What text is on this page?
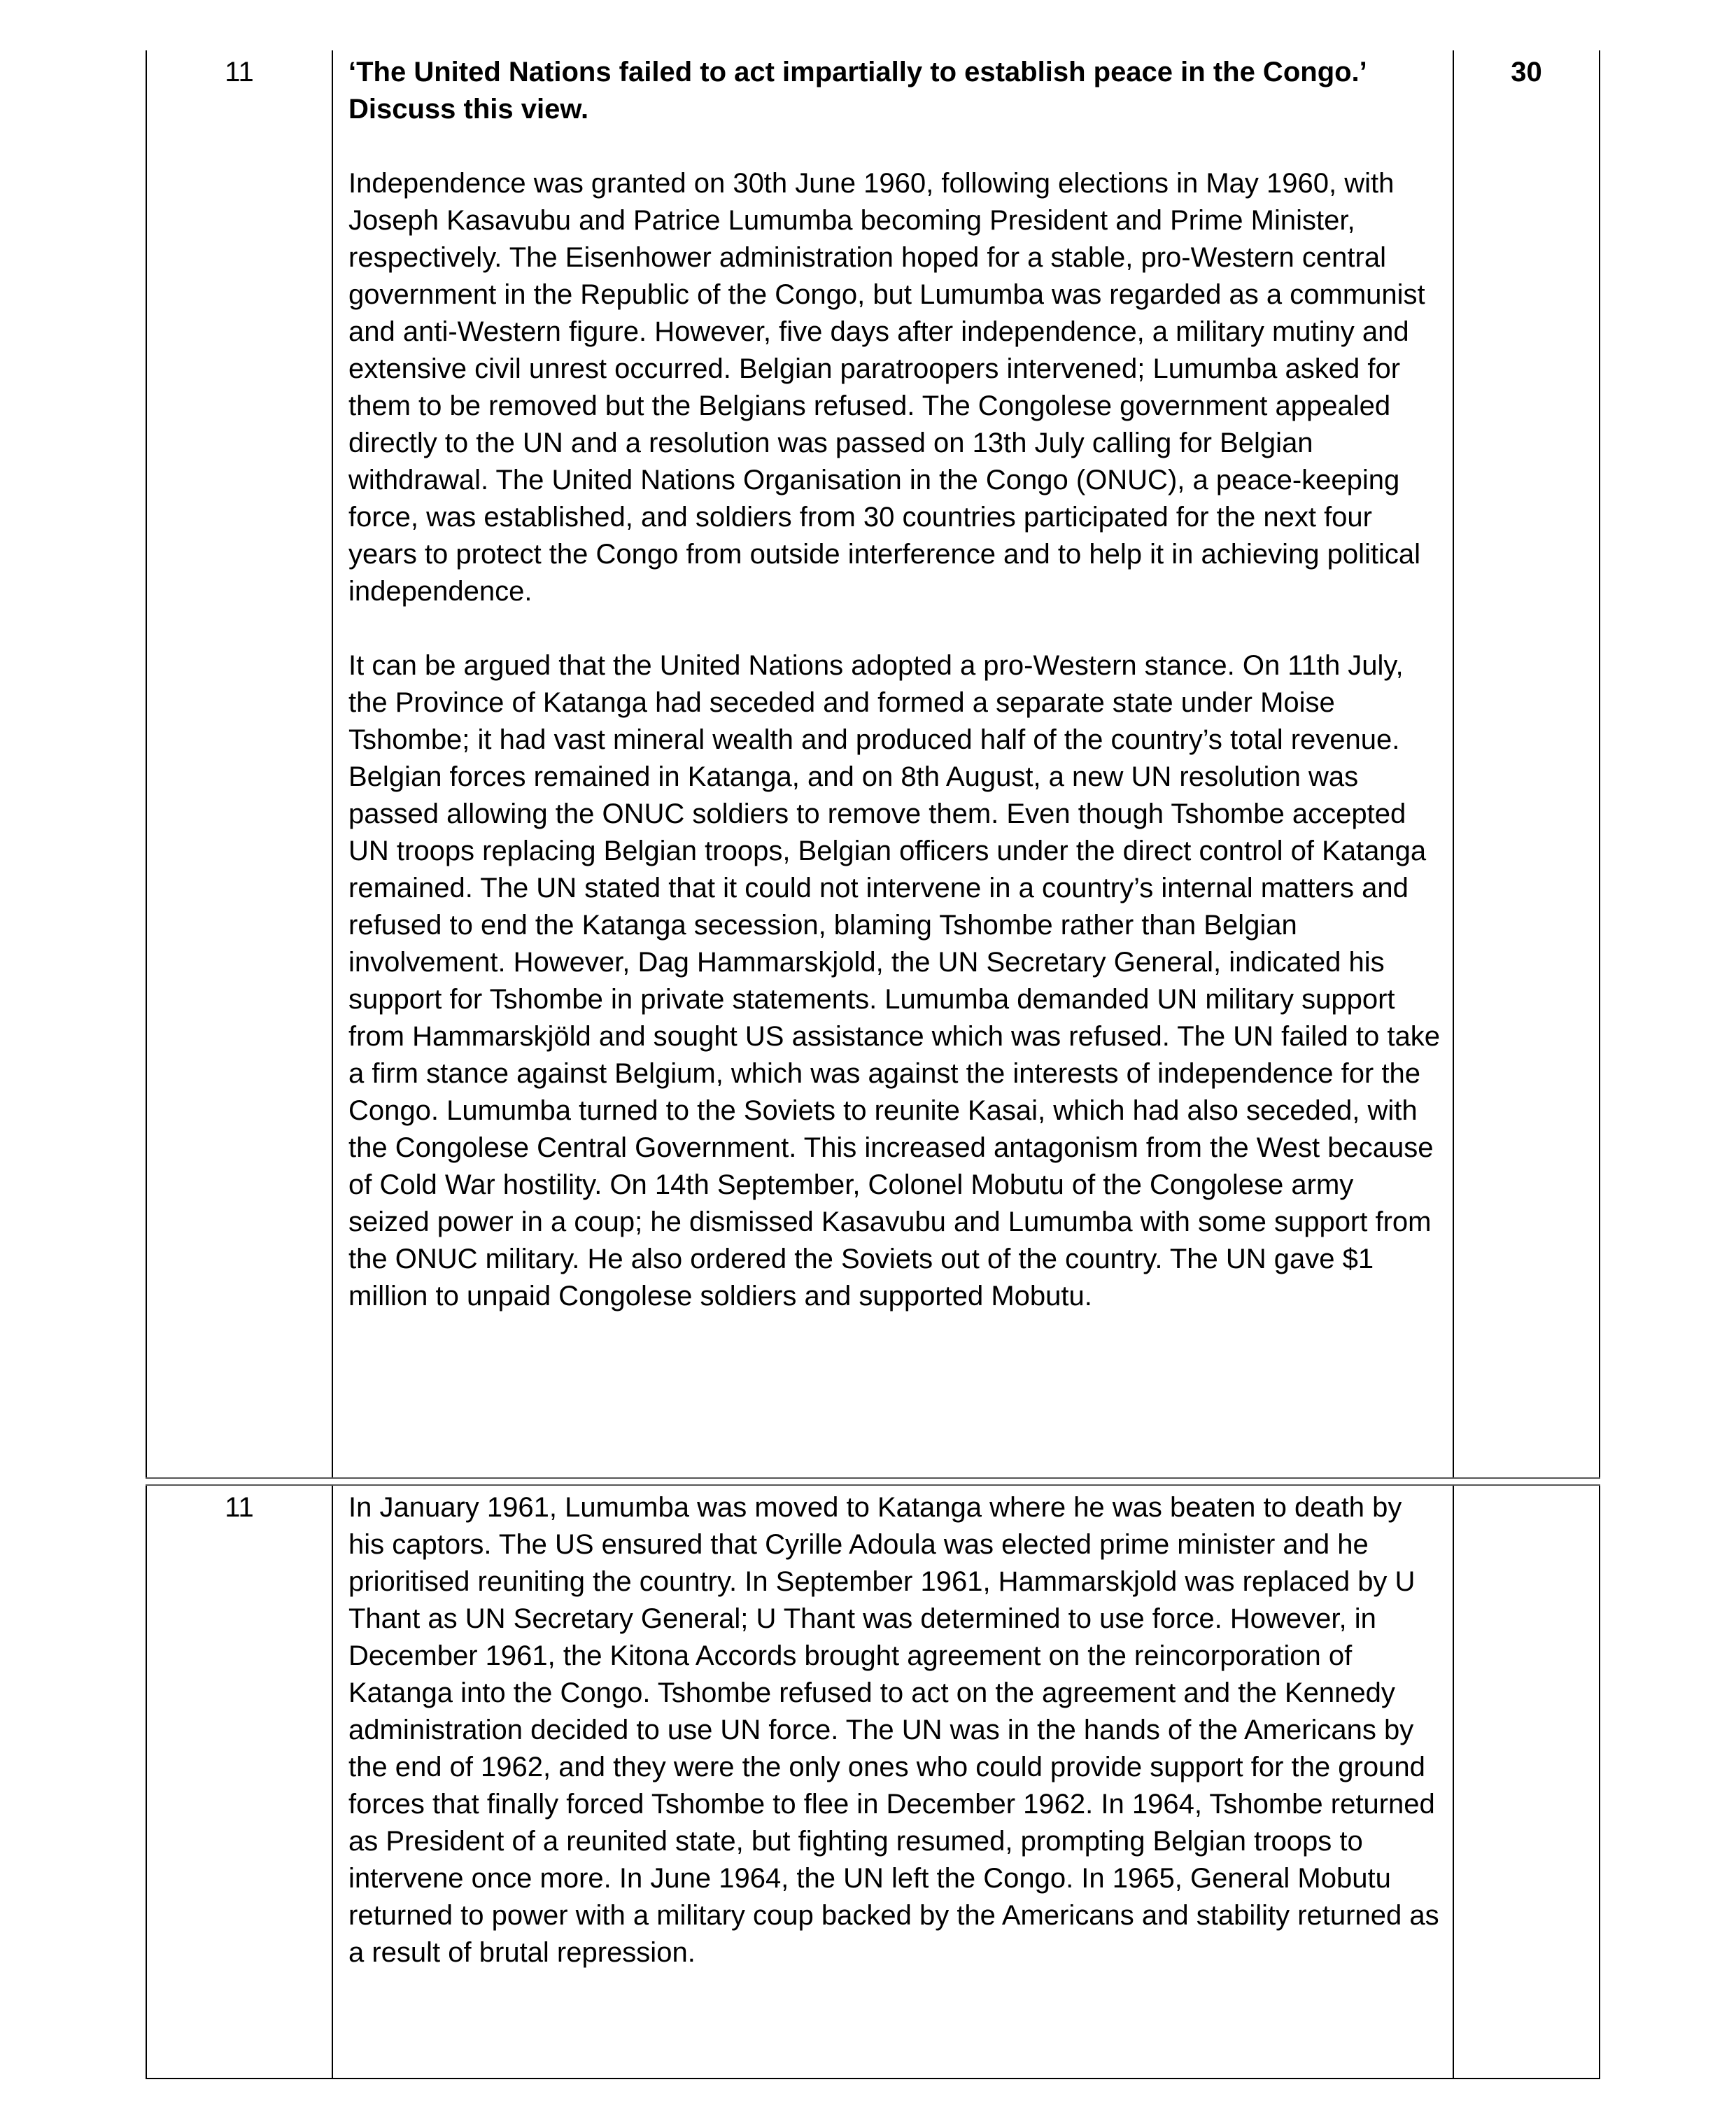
11	‘The United Nations failed to act impartially to establish peace in the Congo.’ Discuss this view.

Independence was granted on 30th June 1960, following elections in May 1960, with Joseph Kasavubu and Patrice Lumumba becoming President and Prime Minister, respectively. The Eisenhower administration hoped for a stable, pro-Western central government in the Republic of the Congo, but Lumumba was regarded as a communist and anti-Western figure. However, five days after independence, a military mutiny and extensive civil unrest occurred. Belgian paratroopers intervened; Lumumba asked for them to be removed but the Belgians refused. The Congolese government appealed directly to the UN and a resolution was passed on 13th July calling for Belgian withdrawal. The United Nations Organisation in the Congo (ONUC), a peace-keeping force, was established, and soldiers from 30 countries participated for the next four years to protect the Congo from outside interference and to help it in achieving political independence.

It can be argued that the United Nations adopted a pro-Western stance. On 11th July, the Province of Katanga had seceded and formed a separate state under Moise Tshombe; it had vast mineral wealth and produced half of the country’s total revenue. Belgian forces remained in Katanga, and on 8th August, a new UN resolution was passed allowing the ONUC soldiers to remove them. Even though Tshombe accepted UN troops replacing Belgian troops, Belgian officers under the direct control of Katanga remained. The UN stated that it could not intervene in a country’s internal matters and refused to end the Katanga secession, blaming Tshombe rather than Belgian involvement. However, Dag Hammarskjold, the UN Secretary General, indicated his support for Tshombe in private statements. Lumumba demanded UN military support from Hammarskjöld and sought US assistance which was refused. The UN failed to take a firm stance against Belgium, which was against the interests of independence for the Congo. Lumumba turned to the Soviets to reunite Kasai, which had also seceded, with the Congolese Central Government. This increased antagonism from the West because of Cold War hostility. On 14th September, Colonel Mobutu of the Congolese army seized power in a coup; he dismissed Kasavubu and Lumumba with some support from the ONUC military. He also ordered the Soviets out of the country. The UN gave $1 million to unpaid Congolese soldiers and supported Mobutu.

30
11	In January 1961, Lumumba was moved to Katanga where he was beaten to death by his captors. The US ensured that Cyrille Adoula was elected prime minister and he prioritised reuniting the country. In September 1961, Hammarskjold was replaced by U Thant as UN Secretary General; U Thant was determined to use force. However, in December 1961, the Kitona Accords brought agreement on the reincorporation of Katanga into the Congo. Tshombe refused to act on the agreement and the Kennedy administration decided to use UN force. The UN was in the hands of the Americans by the end of 1962, and they were the only ones who could provide support for the ground forces that finally forced Tshombe to flee in December 1962. In 1964, Tshombe returned as President of a reunited state, but fighting resumed, prompting Belgian troops to intervene once more. In June 1964, the UN left the Congo. In 1965, General Mobutu returned to power with a military coup backed by the Americans and stability returned as a result of brutal repression.
